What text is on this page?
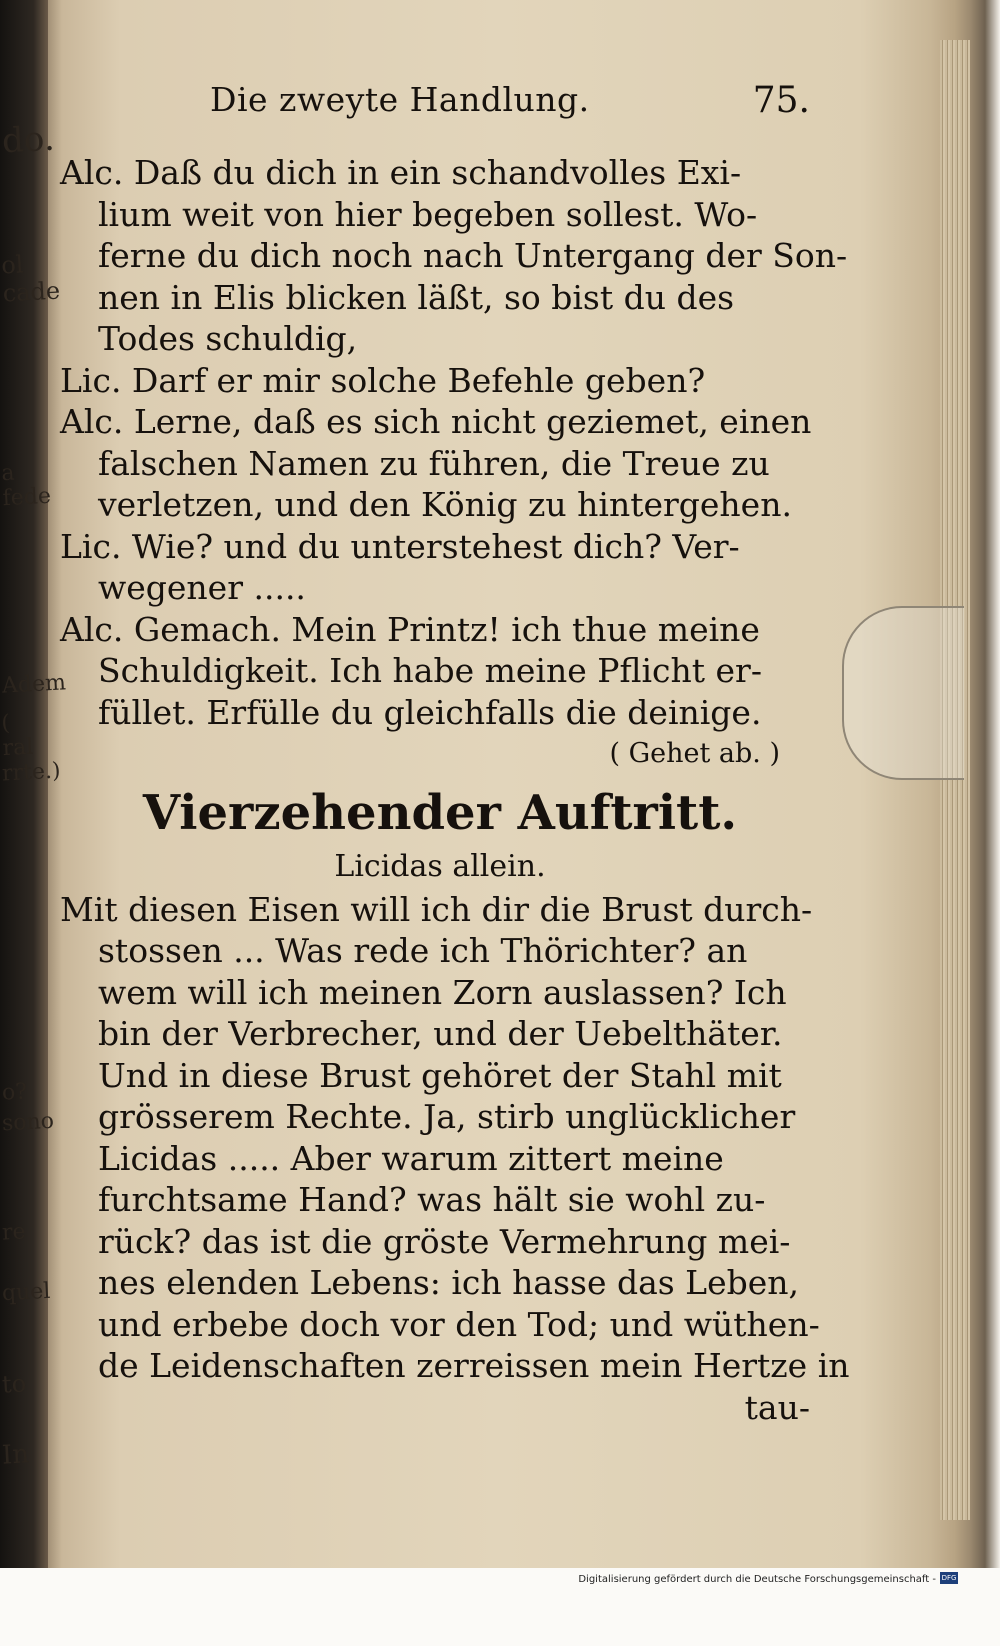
do.
ol cade
a fede
Adem
( ral
rrte.)
o?
sono
re
quel
to
In
Die zweyte Handlung.	75.
Alc. Daß du dich in ein schandvolles Exi-
lium weit von hier begeben sollest. Wo-
ferne du dich noch nach Untergang der Son-
nen in Elis blicken läßt, so bist du des
Todes schuldig,
Lic. Darf er mir solche Befehle geben?
Alc. Lerne, daß es sich nicht geziemet, einen
falschen Namen zu führen, die Treue zu
verletzen, und den König zu hintergehen.
Lic. Wie? und du unterstehest dich? Ver-
wegener .....
Alc. Gemach. Mein Printz! ich thue meine
Schuldigkeit. Ich habe meine Pflicht er-
füllet. Erfülle du gleichfalls die deinige.
( Gehet ab. )
Vierzehender Auftritt.
Licidas allein.
Mit diesen Eisen will ich dir die Brust durch-
stossen ... Was rede ich Thörichter? an
wem will ich meinen Zorn auslassen? Ich
bin der Verbrecher, und der Uebelthäter.
Und in diese Brust gehöret der Stahl mit
grösserem Rechte. Ja, stirb unglücklicher
Licidas ..... Aber warum zittert meine
furchtsame Hand? was hält sie wohl zu-
rück? das ist die gröste Vermehrung mei-
nes elenden Lebens: ich hasse das Leben,
und erbebe doch vor den Tod; und wüthen-
de Leidenschaften zerreissen mein Hertze in
tau-
Digitalisierung gefördert durch die Deutsche Forschungsgemeinschaft - DFG
